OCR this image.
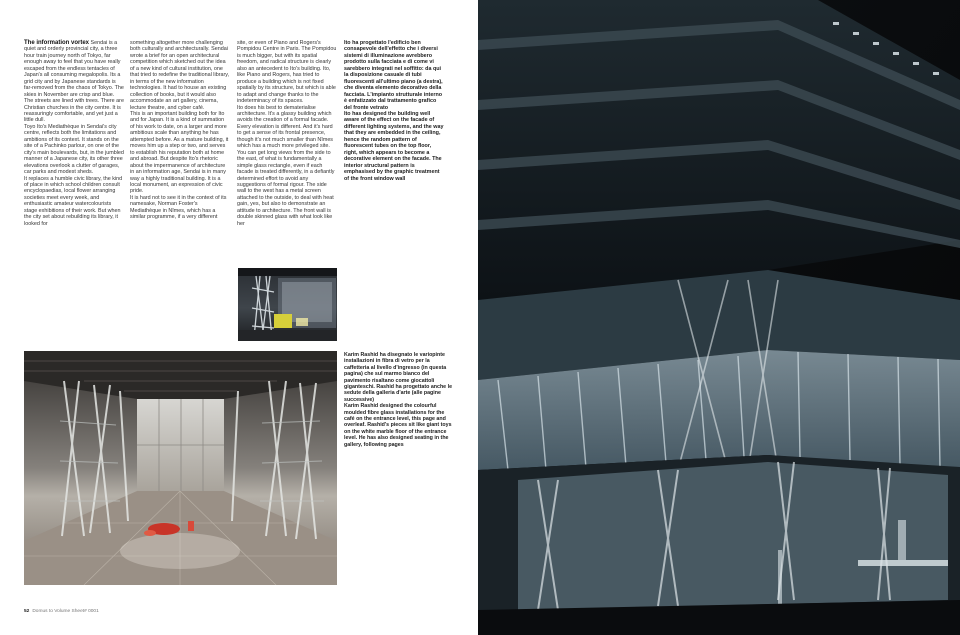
The information vortex Sendai is a quiet and orderly provincial city, a three hour train journey north of Tokyo, far enough away to feel that you have really escaped from the endless tentacles of Japan's all consuming megalopolis. Its a grid city and by Japanese standards is far-removed from the chaos of Tokyo. The skies in November are crisp and blue. The streets are lined with trees. There are Christian churches in the city centre. It is reassuringly comfortable, and yet just a little dull.
Toyo Ito's Mediathèque in Sendai's city centre, reflects both the limitations and ambitions of its context. It stands on the site of a Pachinko parlour, on one of the city's main boulevards, but, in the jumbled manner of a Japanese city, its other three elevations overlook a clutter of garages, car parks and modest sheds.
It replaces a humble civic library, the kind of place in which school children consult encyclopaedias, local flower arranging societies meet every week, and enthusiastic amateur watercolourists stage exhibitions of their work. But when the city set about rebuilding its library, it looked for
something altogether more challenging both culturally and architecturally. Sendai wrote a brief for an open architectural competition which sketched out the idea of a new kind of cultural institution, one that tried to redefine the traditional library, in terms of the new information technologies. It had to house an existing collection of books, but it would also accommodate an art gallery, cinema, lecture theatre, and cyber café.
This is an important building both for Ito and for Japan. It is a kind of summation of his work to date, on a larger and more ambitious scale than anything he has attempted before. As a mature building, it moves him up a step or two, and serves to establish his reputation both at home and abroad. But despite Ito's rhetoric about the impermanence of architecture in an information age, Sendai is in many way a highly traditional building. It is a local monument, an expression of civic pride.
It is hard not to see it in the context of its namesake, Norman Foster's Mediathèque in Nîmes, which has a similar programme, if a very different
site, or even of Piano and Rogers's Pompidou Centre in Paris. The Pompidou is much bigger, but with its spatial freedom, and radical structure is clearly also an antecedent to Ito's building. Ito, like Piano and Rogers, has tried to produce a building which is not fixed spatially by its structure, but which is able to adapt and change thanks to the indeterminacy of its spaces.
Ito does his best to dematerialise architecture. It's a glassy building which avoids the creation of a formal facade. Every elevation is different. And it's hard to get a sense of its frontal presence, though it's not much smaller than Nîmes which has a much more privileged site. You can get long views from the side to the east, of what is fundamentally a simple glass rectangle, even if each facade is treated differently, in a defiantly determined effort to avoid any suggestions of formal rigour. The side wall to the west has a metal screen attached to the outside, to deal with heat gain, yes, but also to demonstrate an attitude to architecture. The front wall is double skinned glass with what look like her
Ito ha progettato l'edificio ben consapevole dell'effetto che i diversi sistemi di illuminazione avrebbero prodotto sulla facciata e di come vi sarebbero integrati nel soffitto: da qui la disposizione casuale di tubi fluorescenti all'ultimo piano (a destra), che diventa elemento decorativo della facciata. L'impianto strutturale interno è enfatizzato dal trattamento grafico del fronte vetrato
Ito has designed the building well aware of the effect on the facade of different lighting systems, and the way that they are embedded in the ceiling, hence the random pattern of fluorescent tubes on the top floor, right, which appears to become a decorative element on the facade. The interior structural pattern is emphasised by the graphic treatment of the front window wall
Karim Rashid ha disegnato le variopinte installazioni in fibra di vetro per la caffetteria al livello d'ingresso (in questa pagina) che sul marmo bianco del pavimento risaltano come giocattoli giganteschi. Rashid ha progettato anche le sedute della galleria d'arte (alle pagine successive)
Karim Rashid designed the colourful moulded fibre glass installations for the café on the entrance level, this page and overleaf. Rashid's pieces sit like giant toys on the white marble floor of the entrance level. He has also designed seating in the gallery, following pages
52 Domus to Volume Sheet# 0001
